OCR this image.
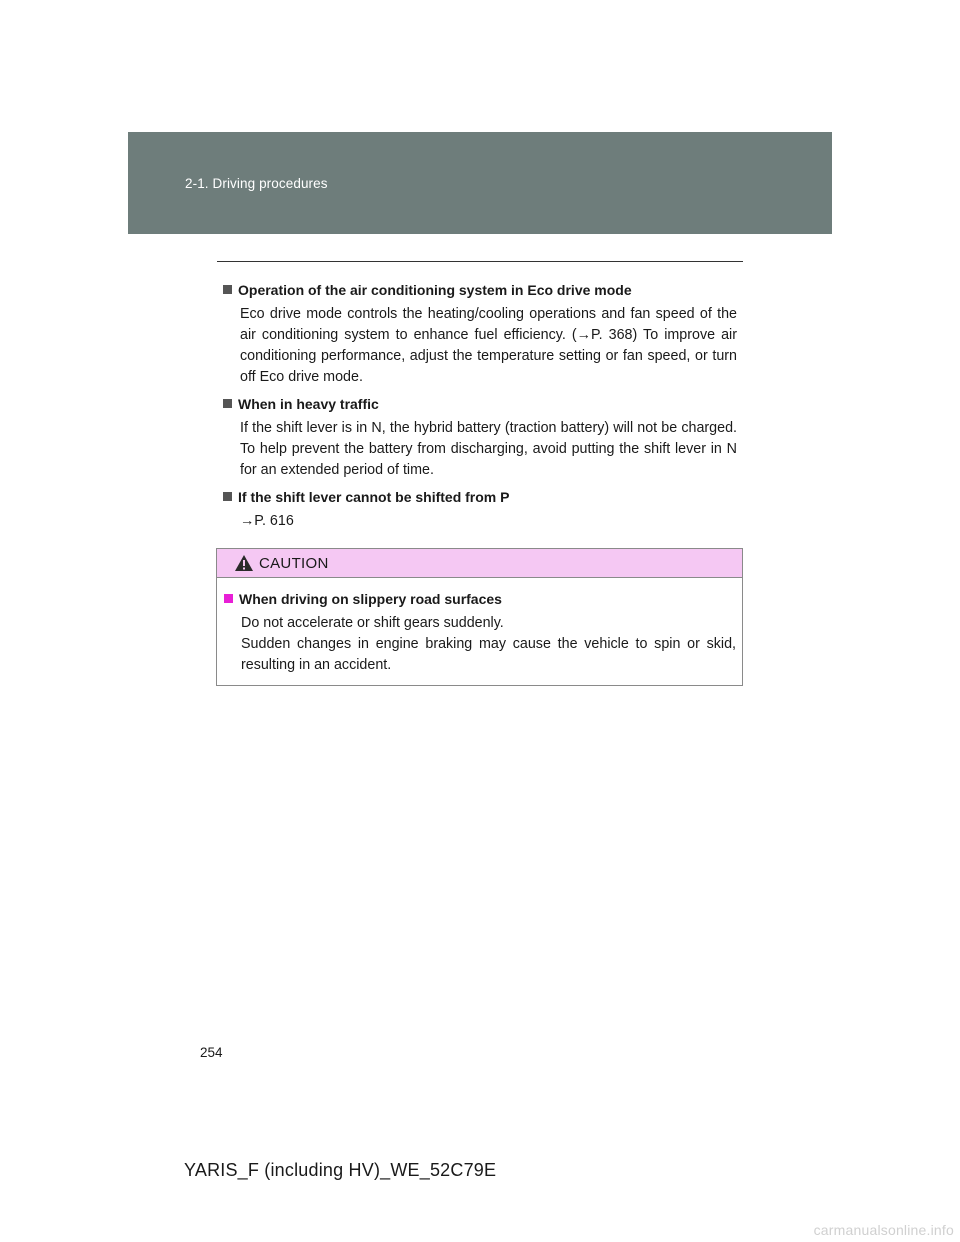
2-1. Driving procedures
Operation of the air conditioning system in Eco drive mode
Eco drive mode controls the heating/cooling operations and fan speed of the air conditioning system to enhance fuel efficiency. (→P. 368) To improve air conditioning performance, adjust the temperature setting or fan speed, or turn off Eco drive mode.
When in heavy traffic
If the shift lever is in N, the hybrid battery (traction battery) will not be charged. To help prevent the battery from discharging, avoid putting the shift lever in N for an extended period of time.
If the shift lever cannot be shifted from P
→P. 616
CAUTION
When driving on slippery road surfaces
Do not accelerate or shift gears suddenly.
Sudden changes in engine braking may cause the vehicle to spin or skid, resulting in an accident.
254
YARIS_F (including HV)_WE_52C79E
carmanualsonline.info
